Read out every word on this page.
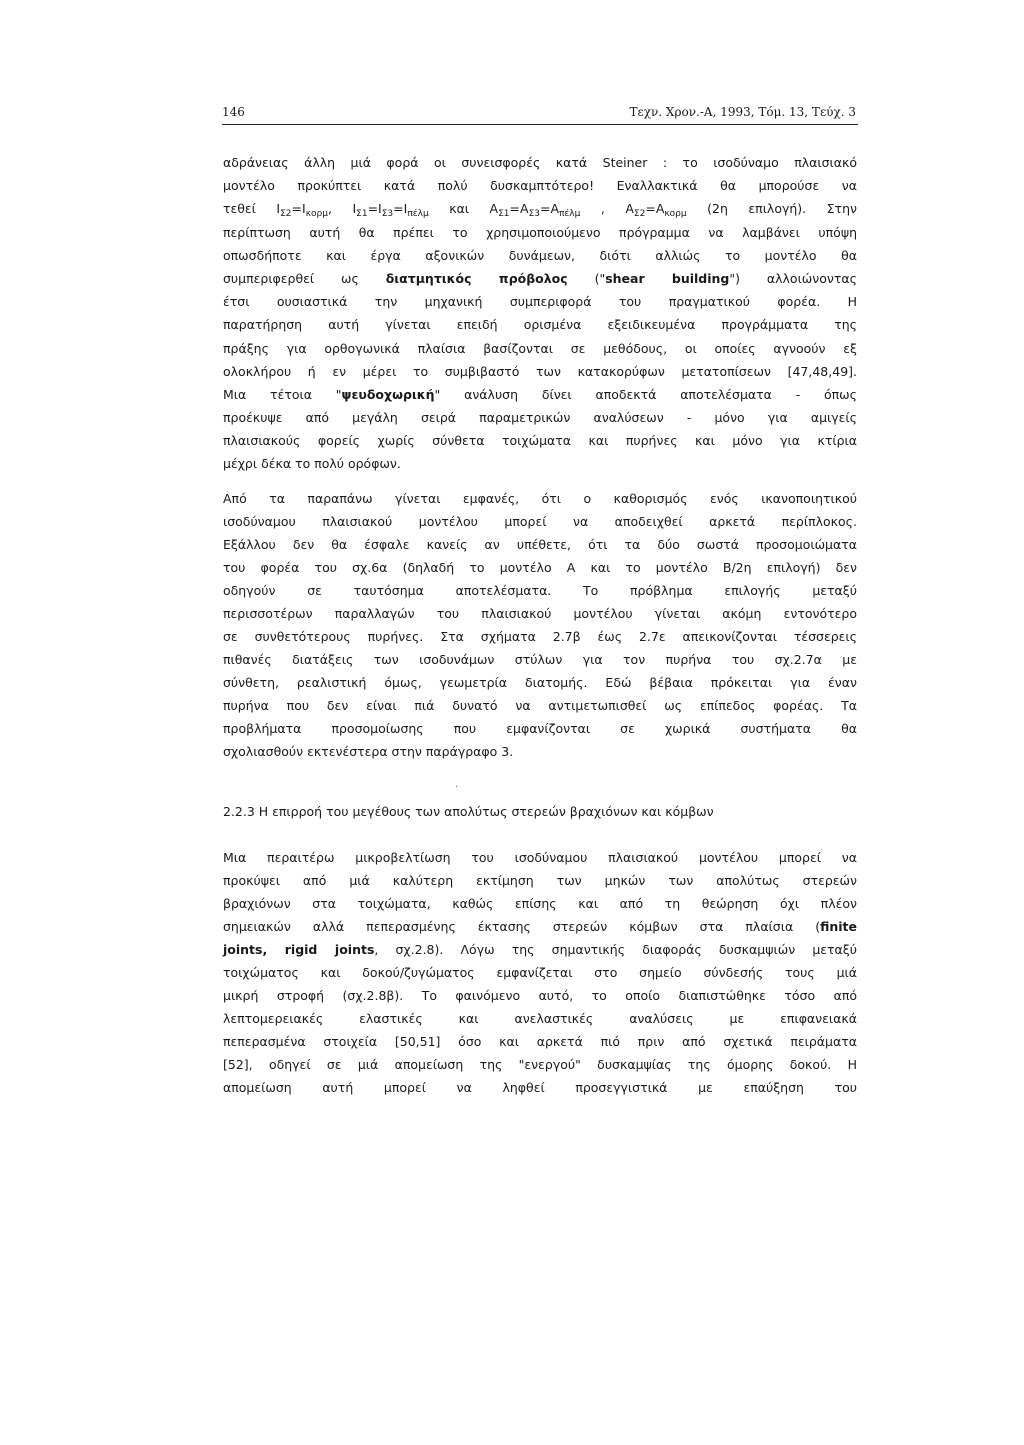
146	Τεχν. Χρον.-Α, 1993, Τόμ. 13, Τεύχ. 3
αδράνειας άλλη μιά φορά οι συνεισφορές κατά Steiner : το ισοδύναμο πλαισιακό
μοντέλο προκύπτει κατά πολύ δυσκαμπτότερο! Εναλλακτικά θα μπορούσε να
τεθεί $I_{\Sigma 2}=I_{\kappa o\rho\mu}$, $I_{\Sigma 1}=I_{\Sigma 3}=I_{\pi έ\lambda\mu}$ και $A_{\Sigma 1}=A_{\Sigma 3}=A_{\pi έ\lambda\mu}$ , $A_{\Sigma 2}=A_{\kappa o\rho\mu}$ (2η επιλογή). Στην
περίπτωση αυτή θα πρέπει το χρησιμοποιούμενο πρόγραμμα να λαμβάνει υπόψη
οπωσδήποτε και έργα αξονικών δυνάμεων, διότι αλλιώς το μοντέλο θα
συμπεριφερθεί ως διατμητικός πρόβολος ("shear building") αλλοιώνοντας
έτσι ουσιαστικά την μηχανική συμπεριφορά του πραγματικού φορέα. Η
παρατήρηση αυτή γίνεται επειδή ορισμένα εξειδικευμένα προγράμματα της
πράξης για ορθογωνικά πλαίσια βασίζονται σε μεθόδους, οι οποίες αγνοούν εξ
ολοκλήρου ή εν μέρει το συμβιβαστό των κατακορύφων μετατοπίσεων [47,48,49].
Μια τέτοια "ψευδοχωρική" ανάλυση δίνει αποδεκτά αποτελέσματα - όπως
προέκυψε από μεγάλη σειρά παραμετρικών αναλύσεων - μόνο για αμιγείς
πλαισιακούς φορείς χωρίς σύνθετα τοιχώματα και πυρήνες και μόνο για κτίρια
μέχρι δέκα το πολύ ορόφων.
Από τα παραπάνω γίνεται εμφανές, ότι ο καθορισμός ενός ικανοποιητικού
ισοδύναμου πλαισιακού μοντέλου μπορεί να αποδειχθεί αρκετά περίπλοκος.
Εξάλλου δεν θα έσφαλε κανείς αν υπέθετε, ότι τα δύο σωστά προσομοιώματα
του φορέα του σχ.6α (δηλαδή το μοντέλο Α και το μοντέλο Β/2η επιλογή) δεν
οδηγούν σε ταυτόσημα αποτελέσματα. Το πρόβλημα επιλογής μεταξύ
περισσοτέρων παραλλαγών του πλαισιακού μοντέλου γίνεται ακόμη εντονότερο
σε συνθετότερους πυρήνες. Στα σχήματα 2.7β έως 2.7ε απεικονίζονται τέσσερεις
πιθανές διατάξεις των ισοδυνάμων στύλων για τον πυρήνα του σχ.2.7α με
σύνθετη, ρεαλιστική όμως, γεωμετρία διατομής. Εδώ βέβαια πρόκειται για έναν
πυρήνα που δεν είναι πιά δυνατό να αντιμετωπισθεί ως επίπεδος φορέας. Τα
προβλήματα προσομοίωσης που εμφανίζονται σε χωρικά συστήματα θα
σχολιασθούν εκτενέστερα στην παράγραφο 3.
·
2.2.3 Η επιρροή του μεγέθους των απολύτως στερεών βραχιόνων και κόμβων
Μια περαιτέρω μικροβελτίωση του ισοδύναμου πλαισιακού μοντέλου μπορεί να
προκύψει από μιά καλύτερη εκτίμηση των μηκών των απολύτως στερεών
βραχιόνων στα τοιχώματα, καθώς επίσης και από τη θεώρηση όχι πλέον
σημειακών αλλά πεπερασμένης έκτασης στερεών κόμβων στα πλαίσια (finite
joints, rigid joints, σχ.2.8). Λόγω της σημαντικής διαφοράς δυσκαμψιών μεταξύ
τοιχώματος και δοκού/ζυγώματος εμφανίζεται στο σημείο σύνδεσής τους μιά
μικρή στροφή (σχ.2.8β). Το φαινόμενο αυτό, το οποίο διαπιστώθηκε τόσο από
λεπτομερειακές ελαστικές και ανελαστικές αναλύσεις με επιφανειακά
πεπερασμένα στοιχεία [50,51] όσο και αρκετά πιό πριν από σχετικά πειράματα
[52], οδηγεί σε μιά απομείωση της "ενεργού" δυσκαμψίας της όμορης δοκού. Η
απομείωση αυτή μπορεί να ληφθεί προσεγγιστικά με επαύξηση του
